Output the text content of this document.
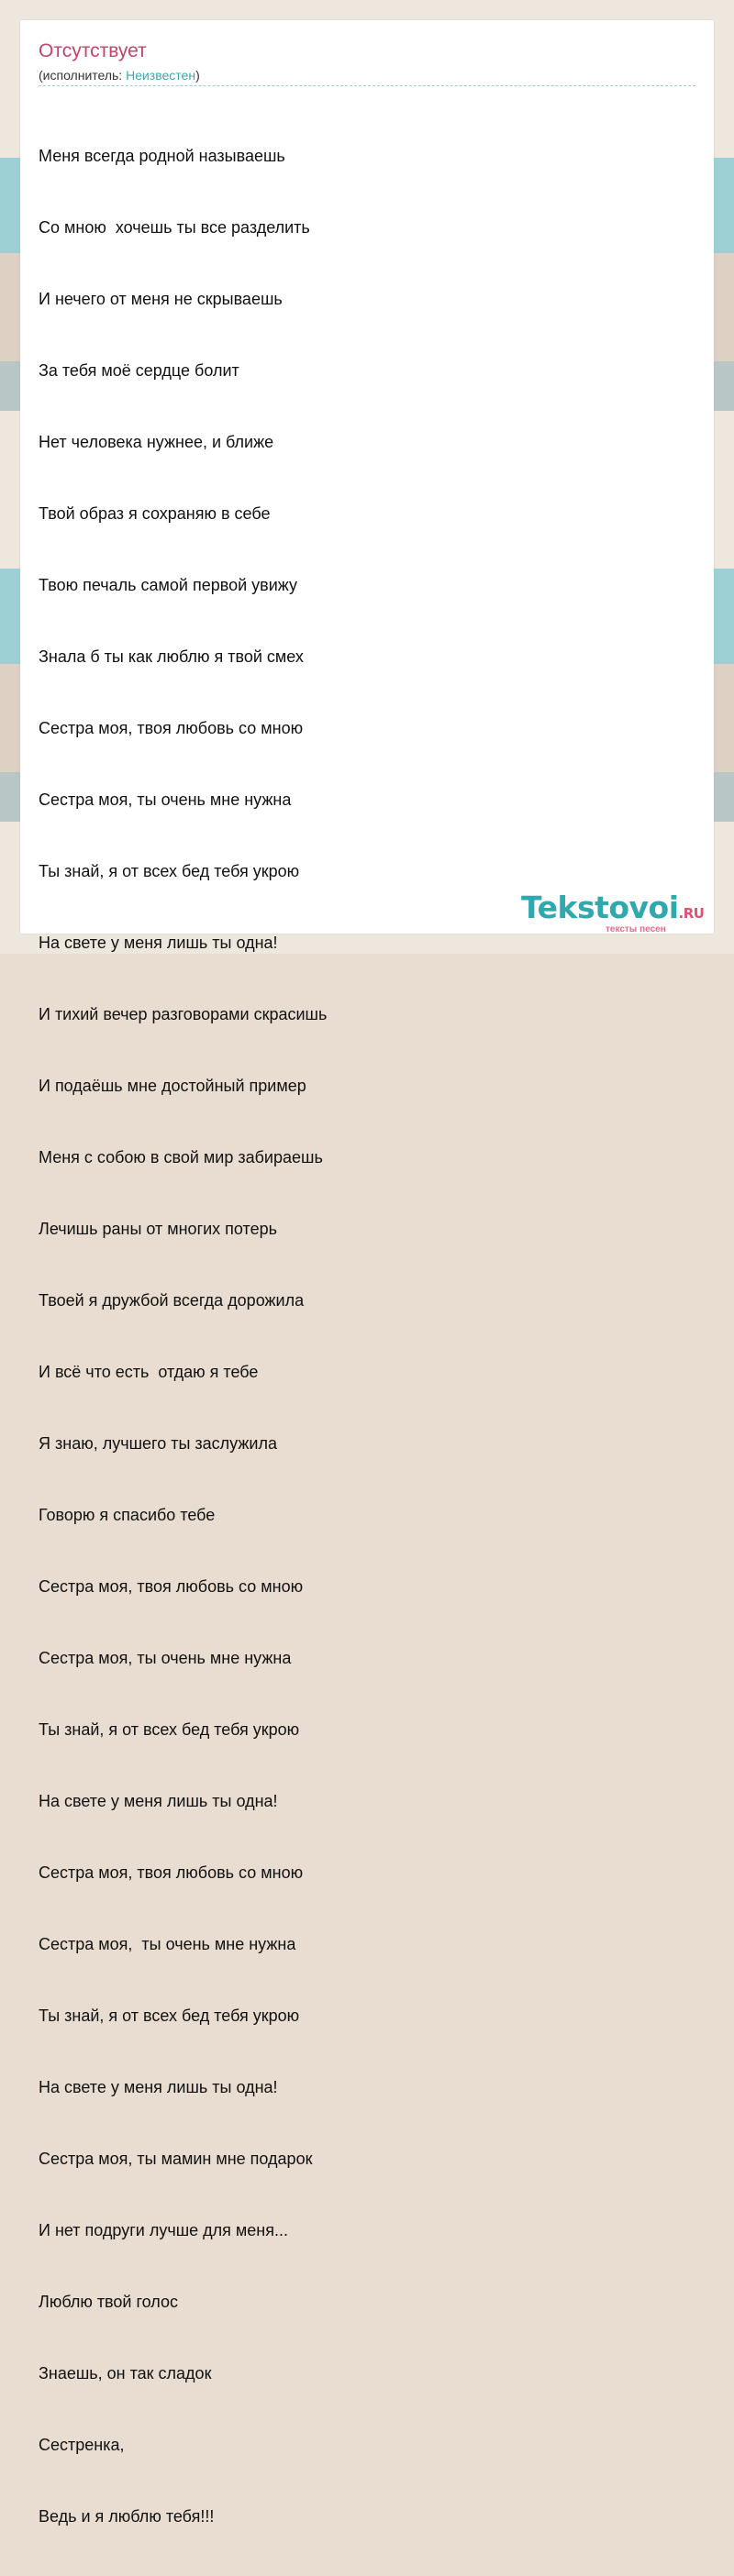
Отсутствует
(исполнитель: Неизвестен)

Меня всегда родной называешь

Со мною  хочешь ты все разделить

И нечего от меня не скрываешь

За тебя моё сердце болит

Нет человека нужнее, и ближе

Твой образ я сохраняю в себе

Твою печаль самой первой увижу

Знала б ты как люблю я твой смех

Сестра моя, твоя любовь со мною

Сестра моя, ты очень мне нужна

Ты знай, я от всех бед тебя укрою

На свете у меня лишь ты одна!

И тихий вечер разговорами скрасишь

И подаёшь мне достойный пример

Меня с собою в свой мир забираешь

Лечишь раны от многих потерь

Твоей я дружбой всегда дорожила

И всё что есть  отдаю я тебе

Я знаю, лучшего ты заслужила

Говорю я спасибо тебе

Сестра моя, твоя любовь со мною

Сестра моя, ты очень мне нужна

Ты знай, я от всех бед тебя укрою

На свете у меня лишь ты одна!

Сестра моя, твоя любовь со мною

Сестра моя,  ты очень мне нужна

Ты знай, я от всех бед тебя укрою

На свете у меня лишь ты одна!

Сестра моя, ты мамин мне подарок

И нет подруги лучше для меня...

Люблю твой голос

Знаешь, он так сладок

Сестренка,

Ведь и я люблю тебя!!!

Tekstovoi.RU
тексты песен
